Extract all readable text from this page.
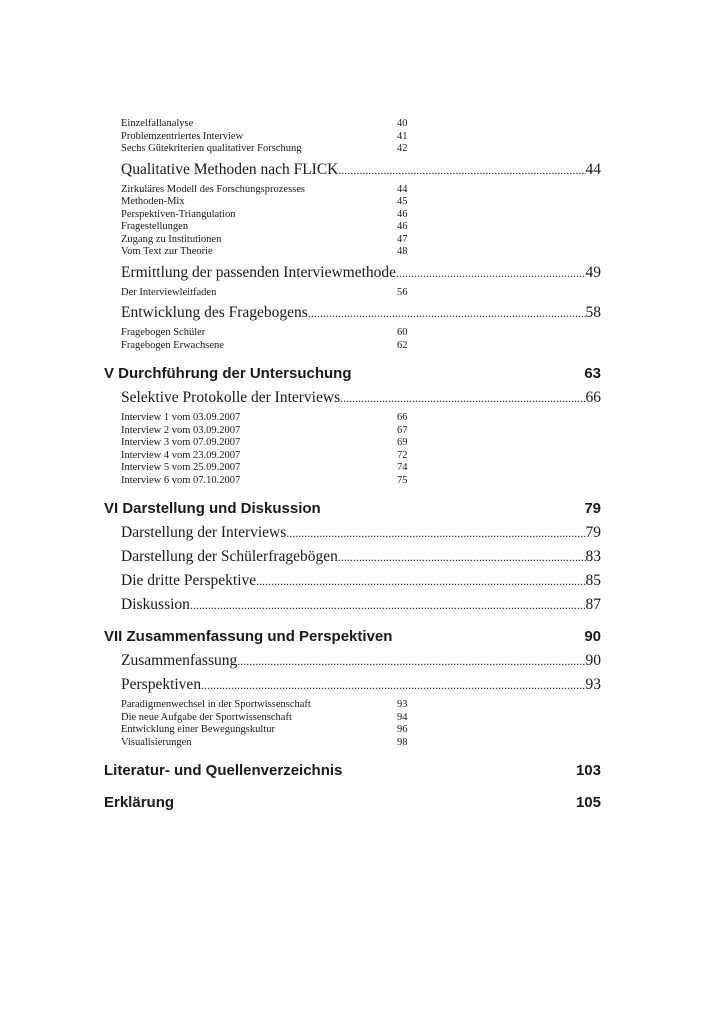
Einzelfallanalyse	40
Problemzentriertes Interview	41
Sechs Gütekriterien qualitativer Forschung	42
Qualitative Methoden nach FLICK .....	44
Zirkuläres Modell des Forschungsprozesses	44
Methoden-Mix	45
Perspektiven-Triangulation	46
Fragestellungen	46
Zugang zu Institutionen	47
Vom Text zur Theorie	48
Ermittlung der passenden Interviewmethode .....	49
Der Interviewleitfaden	56
Entwicklung des Fragebogens .....	58
Fragebogen Schüler	60
Fragebogen Erwachsene	62
V Durchführung der Untersuchung	63
Selektive Protokolle der Interviews .....	66
Interview 1 vom 03.09.2007	66
Interview 2 vom 03.09.2007	67
Interview 3 vom 07.09.2007	69
Interview 4 vom 23.09.2007	72
Interview 5 vom 25.09.2007	74
Interview 6 vom 07.10.2007	75
VI Darstellung und Diskussion	79
Darstellung der Interviews .....	79
Darstellung der Schülerfragebögen .....	83
Die dritte Perspektive .....	85
Diskussion .....	87
VII Zusammenfassung und Perspektiven	90
Zusammenfassung .....	90
Perspektiven .....	93
Paradigmenwechsel in der Sportwissenschaft	93
Die neue Aufgabe der Sportwissenschaft	94
Entwicklung einer Bewegungskultur	96
Visualisierungen	98
Literatur- und Quellenverzeichnis	103
Erklärung	105
